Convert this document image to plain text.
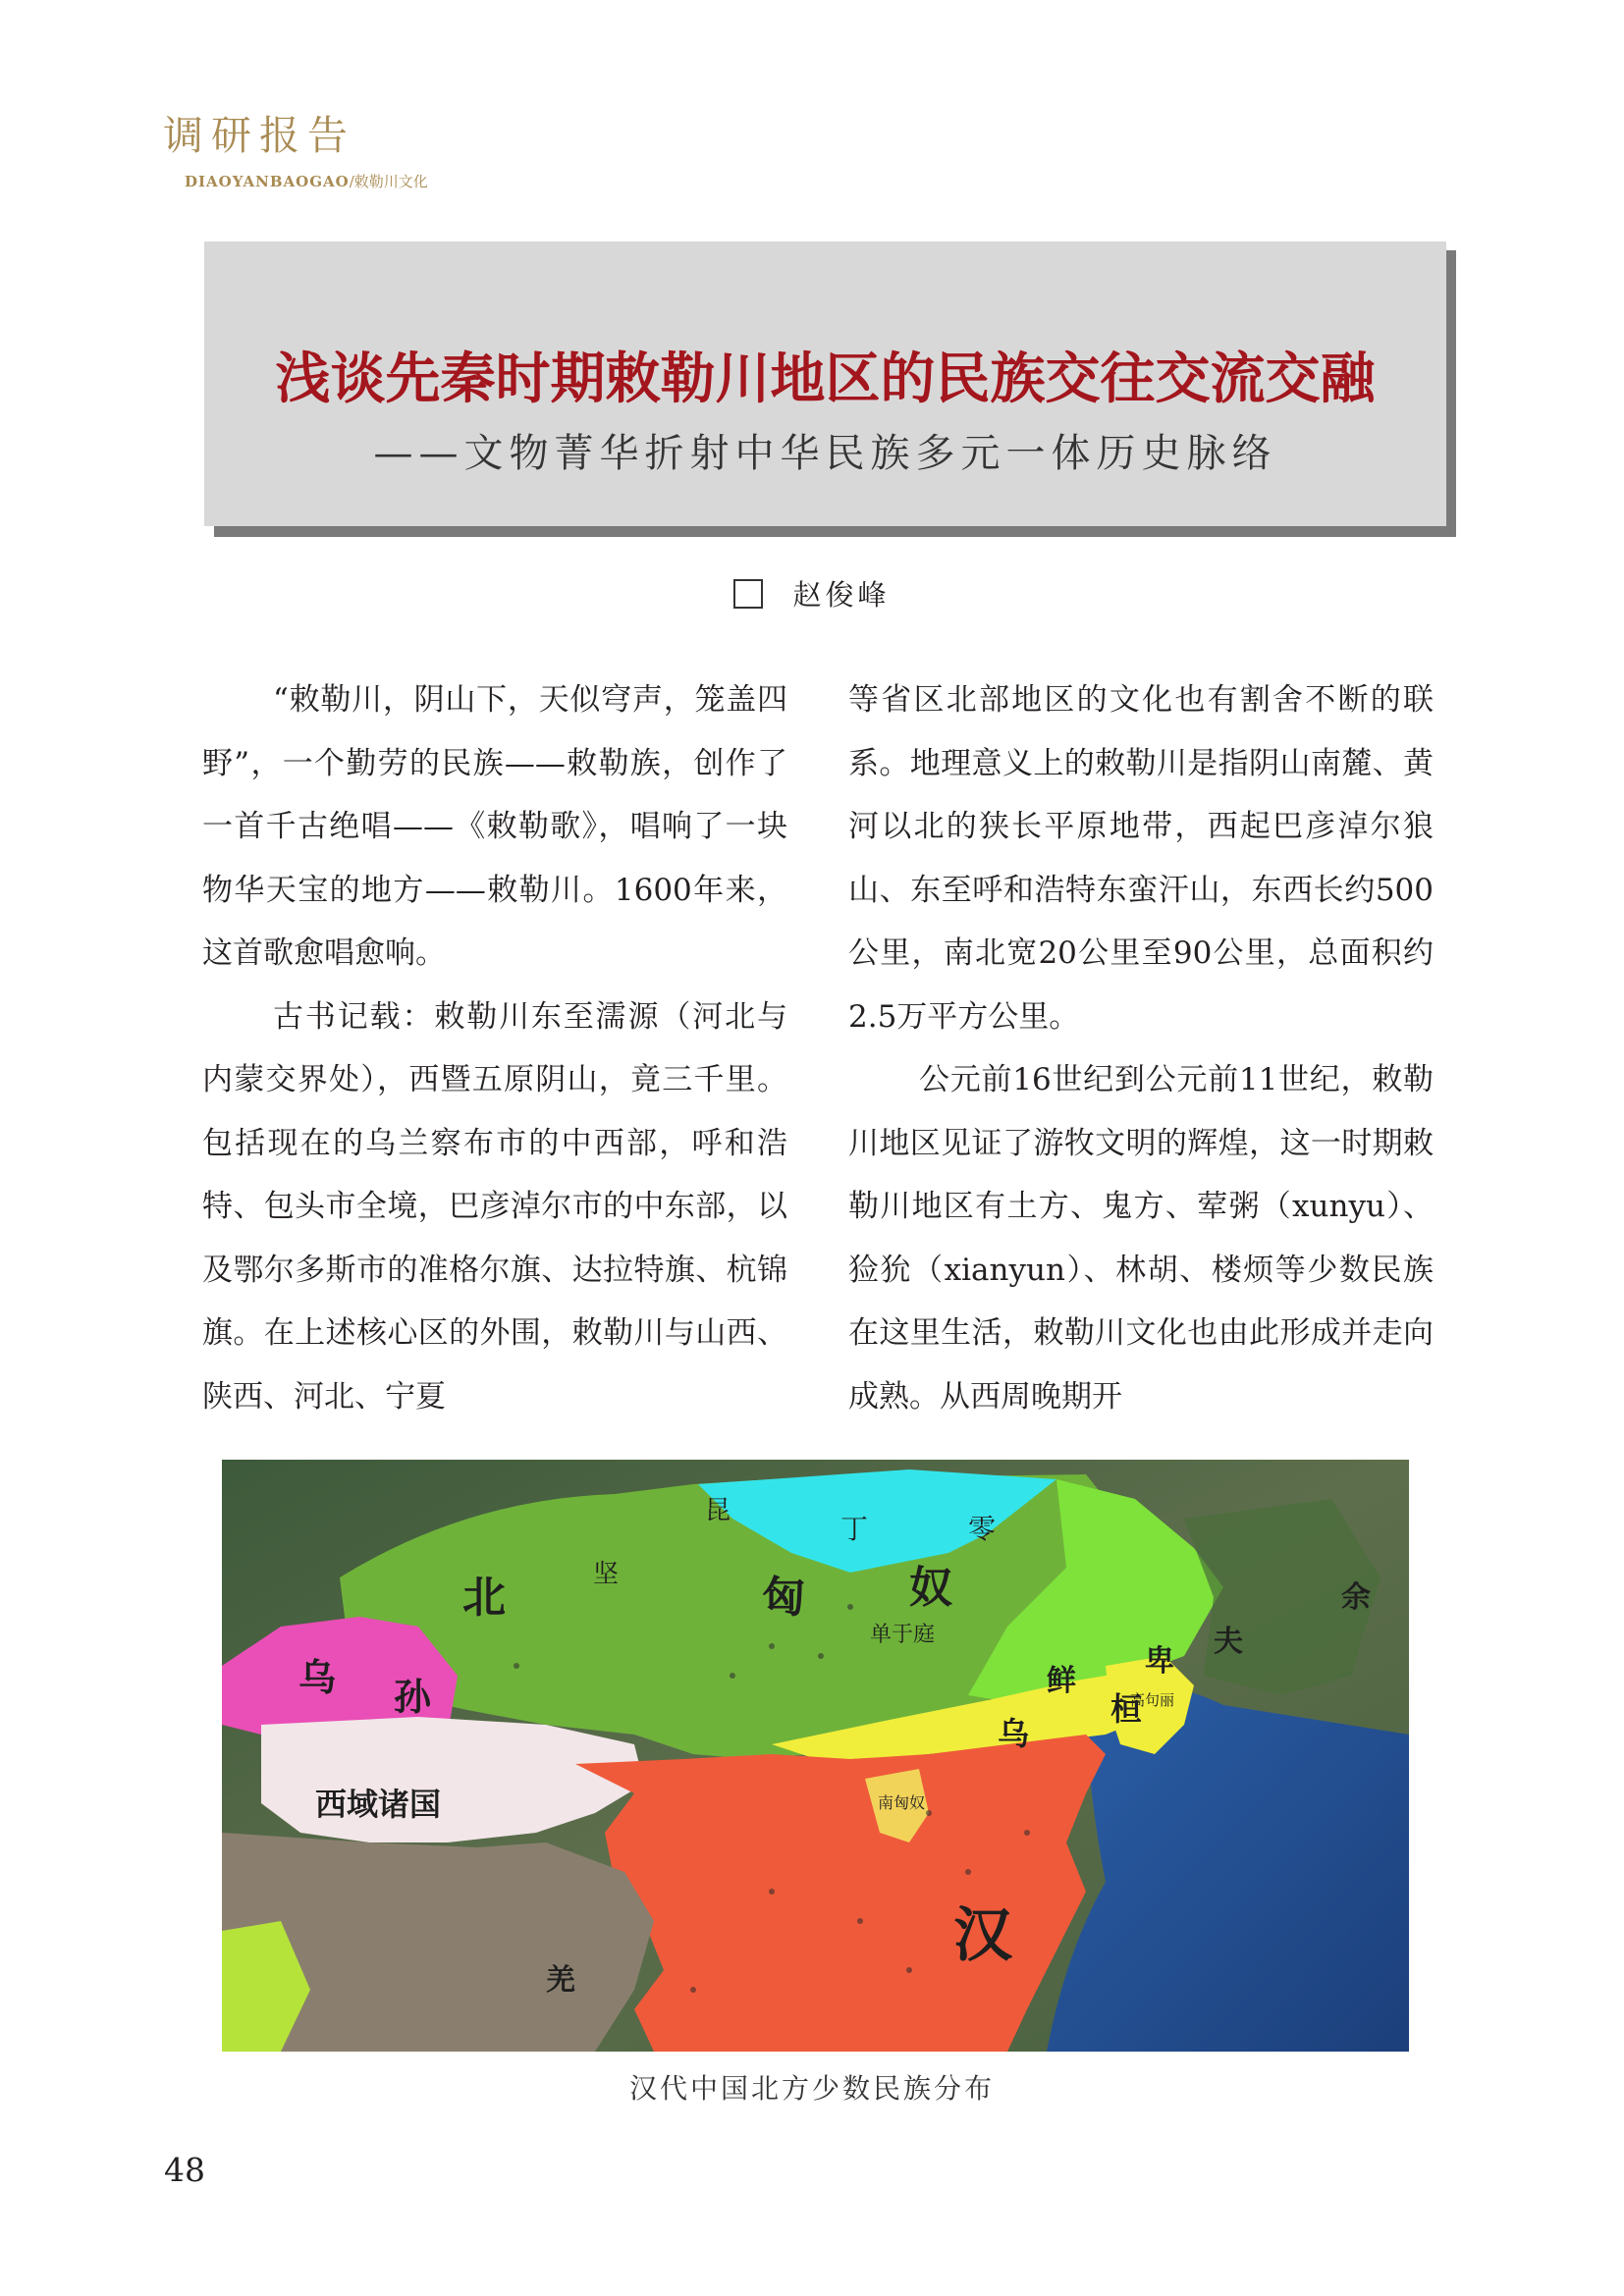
调研报告
DIAOYANBAOGAO/敕勒川文化
浅谈先秦时期敕勒川地区的民族交往交流交融
——文物菁华折射中华民族多元一体历史脉络
赵俊峰

“敕勒川，阴山下，天似穹声，笼盖四野”，一个勤劳的民族——敕勒族，创作了一首千古绝唱——《敕勒歌》，唱响了一块物华天宝的地方——敕勒川。1600年来，这首歌愈唱愈响。

古书记载：敕勒川东至濡源（河北与内蒙交界处），西暨五原阴山，竟三千里。包括现在的乌兰察布市的中西部，呼和浩特、包头市全境，巴彦淖尔市的中东部，以及鄂尔多斯市的准格尔旗、达拉特旗、杭锦旗。在上述核心区的外围，敕勒川与山西、陕西、河北、宁夏

等省区北部地区的文化也有割舍不断的联系。地理意义上的敕勒川是指阴山南麓、黄河以北的狭长平原地带，西起巴彦淖尔狼山、东至呼和浩特东蛮汗山，东西长约500公里，南北宽20公里至90公里，总面积约2.5万平方公里。

公元前16世纪到公元前11世纪，敕勒川地区见证了游牧文明的辉煌，这一时期敕勒川地区有土方、鬼方、荤粥（xunyu）、猃狁（xianyun）、林胡、楼烦等少数民族在这里生活，敕勒川文化也由此形成并走向成熟。从西周晚期开

北	匈 奴
丁	零
昆
坚
单于庭
乌 孙
西域诸国
乌
桓
鲜
卑
夫
余
汉
南匈奴
羌
高句丽
汉代中国北方少数民族分布
48
